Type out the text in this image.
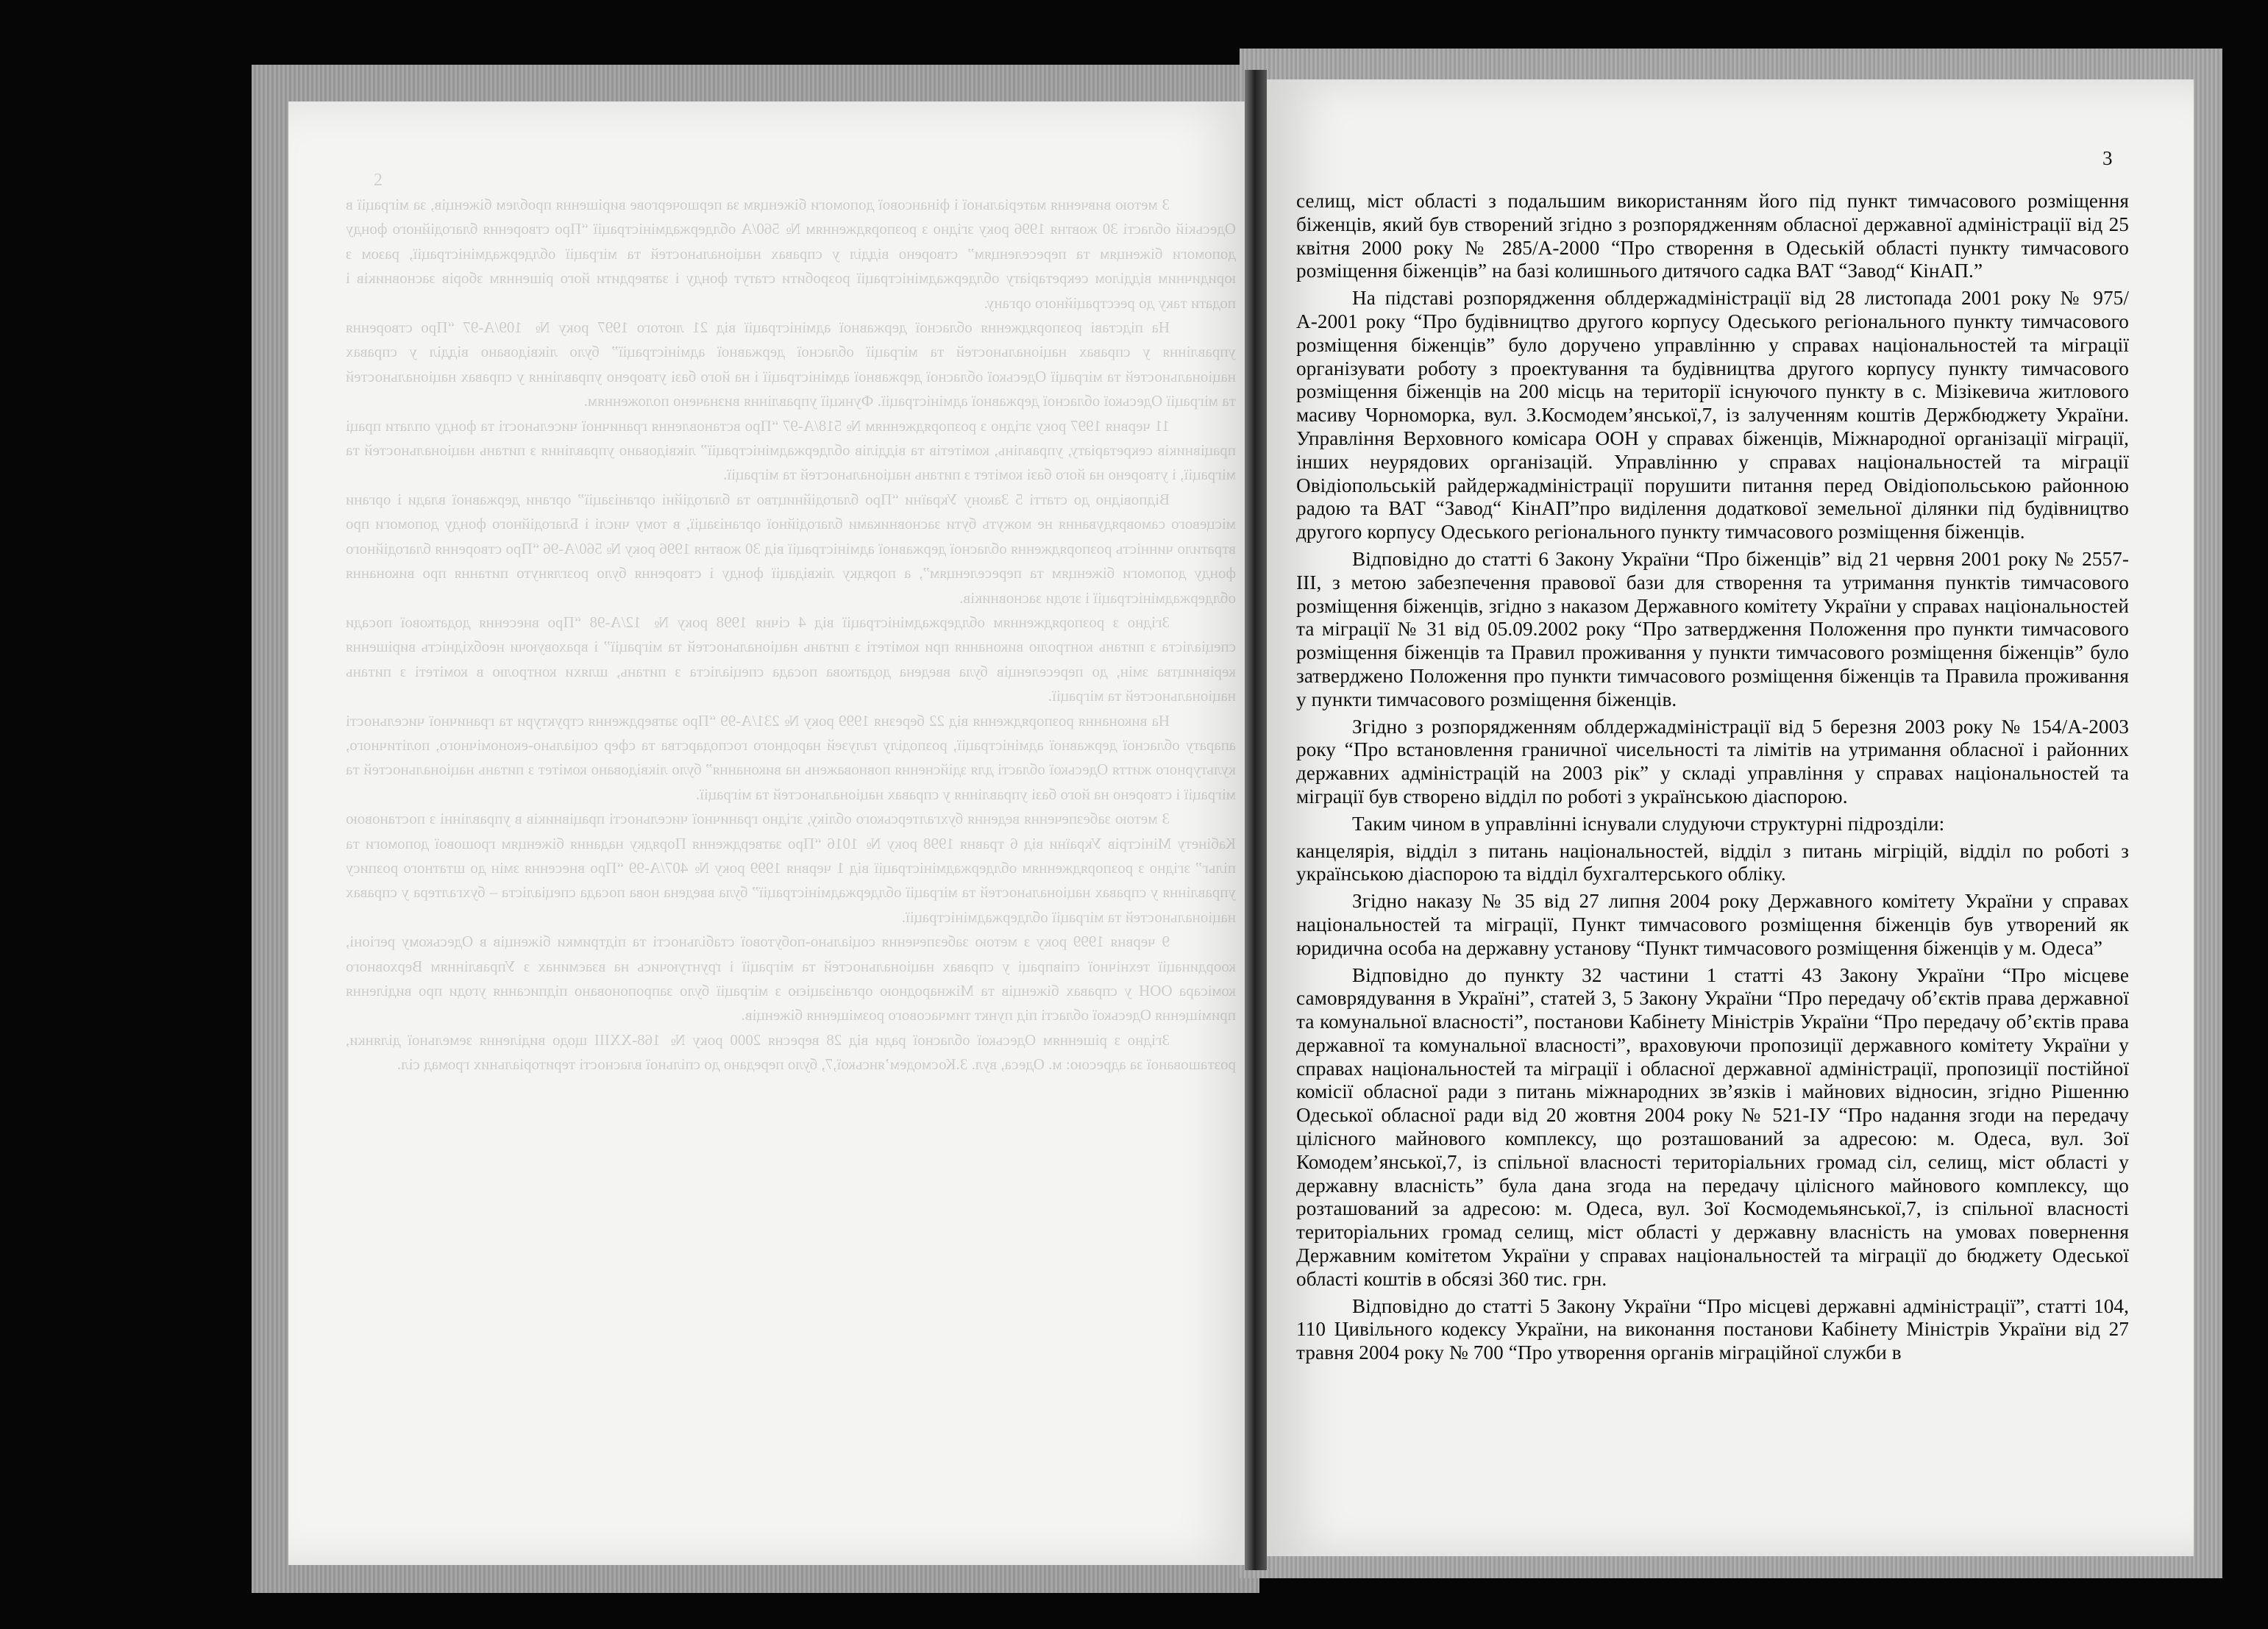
2

З метою вивчення матеріальної і фінансової допомоги біженцям за першочергове вирішення проблем біженців, за міграції в Одеській області 30 жовтня 1996 року згідно з розпорядженням № 560/А облдержадміністрації “Про створення благодійного фонду допомоги біженцям та переселенцям” створено відділ у справах національностей та міграції облдержадміністрації, разом з юридичним відділом секретаріату облдержадміністрації розробити статут фонду і затвердити його рішенням зборів засновників і подати таку до реєстраційного органу.

На підставі розпорядження обласної державної адміністрації від 21 лютого 1997 року № 109/А-97 “Про створення управління у справах національностей та міграції обласної державної адміністрації” було ліквідовано відділ у справах національностей та міграції Одеської обласної державної адміністрації і на його базі утворено управління у справах національностей та міграції Одеської обласної державної адміністрації. Функції управління визначено положенням.

11 червня 1997 року згідно з розпорядженням № 518/А-97 “Про встановлення граничної чисельності та фонду оплати праці працівників секретаріату, управлінь, комітетів та відділів облдержадміністрації” ліквідовано управління з питань національностей та міграції, і утворено на його базі комітет з питань національностей та міграції.

Відповідно до статті 5 Закону України “Про благодійництво та благодійні організації” органи державної влади і органи місцевого самоврядування не можуть бути засновниками благодійної організації, в тому числі і Благодійного фонду допомоги про втратило чинність розпорядження обласної державної адміністрації від 30 жовтня 1996 року № 560/А-96 “Про створення благодійного фонду допомоги біженцям та переселенцям”, а порядку ліквідації фонду і створення було розглянуто питання про виконання облдержадміністрації і згоди засновників.

Згідно з розпорядженням облдержадміністрації від 4 січня 1998 року № 12/А-98 “Про внесення додаткової посади спеціаліста з питань контролю виконання при комітеті з питань національностей та міграції” і враховуючи необхідність вирішення керівництва змін, до переселенців була введена додаткова посада спеціаліста з питань, шляхи контролю в комітеті з питань національностей та міграції.

На виконання розпорядження від 22 березня 1999 року № 231/А-99 “Про затвердження структури та граничної чисельності апарату обласної державної адміністрації, розподілу галузей народного господарства та сфер соціально-економічного, політичного, культурного життя Одеської області для здійснення повноважень на виконання” було ліквідовано комітет з питань національностей та міграції і створено на його базі управління у справах національностей та міграції.

З метою забезпечення ведення бухгалтерського обліку, згідно граничної чисельності працівників в управлінні з постановою Кабінету Міністрів України від 6 травня 1998 року № 1016 “Про затвердження Порядку надання біженцям грошової допомоги та пільг” згідно з розпорядженням облдержадміністрації від 1 червня 1999 року № 407/А-99 “Про внесення змін до штатного розпису управління у справах національностей та міграції облдержадміністрації” була введена нова посада спеціаліста – бухгалтера у справах національностей та міграції облдержадміністрації.

9 червня 1999 року з метою забезпечення соціально-побутової стабільності та підтримки біженців в Одеському регіоні, координації технічної співпраці у справах національностей та міграції і ґрунтуючись на взаєминах з Управлінням Верховного комісара ООН у справах біженців та Міжнародною організацією з міграції було запропоновано підписання угоди про виділення приміщення Одеської області під пункт тимчасового розміщення біженців.

Згідно з рішенням Одеської обласної ради від 28 вересня 2000 року № 168-ХХІІІ щодо виділення земельної ділянки, розташованої за адресою: м. Одеса, вул. З.Космодем’янської,7, було передано до спільної власності територіальних громад сіл.

3

селищ, міст області з подальшим використанням його під пункт тимчасового розміщення біженців, який був створений згідно з розпорядженням обласної державної адміністрації від 25 квітня 2000 року № 285/А-2000 “Про створення в Одеській області пункту тимчасового розміщення біженців” на базі колишнього дитячого садка ВАТ “Завод“ КінАП.”

На підставі розпорядження облдержадміністрації від 28 листопада 2001 року № 975/А-2001 року “Про будівництво другого корпусу Одеського регіонального пункту тимчасового розміщення біженців” було доручено управлінню у справах національностей та міграції організувати роботу з проектування та будівництва другого корпусу пункту тимчасового розміщення біженців на 200 місць на території існуючого пункту в с. Мізікевича житлового масиву Чорноморка, вул. З.Космодем’янської,7, із залученням коштів Держбюджету України. Управління Верховного комісара ООН у справах біженців, Міжнародної організації міграції, інших неурядових організацій. Управлінню у справах національностей та міграції Овідіопольській райдержадміністрації порушити питання перед Овідіопольською районною радою та ВАТ “Завод“ КінАП”про виділення додаткової земельної ділянки під будівництво другого корпусу Одеського регіонального пункту тимчасового розміщення біженців.

Відповідно до статті 6 Закону України “Про біженців” від 21 червня 2001 року № 2557-ІІІ, з метою забезпечення правової бази для створення та утримання пунктів тимчасового розміщення біженців, згідно з наказом Державного комітету України у справах національностей та міграції № 31 від 05.09.2002 року “Про затвердження Положення про пункти тимчасового розміщення біженців та Правил проживання у пункти тимчасового розміщення біженців” було затверджено Положення про пункти тимчасового розміщення біженців та Правила проживання у пункти тимчасового розміщення біженців.

Згідно з розпорядженням облдержадміністрації від 5 березня 2003 року № 154/А-2003 року “Про встановлення граничної чисельності та лімітів на утримання обласної і районних державних адміністрацій на 2003 рік” у складі управління у справах національностей та міграції був створено відділ по роботі з українською діаспорою.

Таким чином в управлінні існували слудуючи структурні підрозділи:

канцелярія, відділ з питань національностей, відділ з питань мігріцій, відділ по роботі з українською діаспорою та відділ бухгалтерського обліку.

Згідно наказу № 35 від 27 липня 2004 року Державного комітету України у справах національностей та міграції, Пункт тимчасового розміщення біженців був утворений як юридична особа на державну установу “Пункт тимчасового розміщення біженців у м. Одеса”

Відповідно до пункту 32 частини 1 статті 43 Закону України “Про місцеве самоврядування в Україні”, статей 3, 5 Закону України “Про передачу об’єктів права державної та комунальної власності”, постанови Кабінету Міністрів України “Про передачу об’єктів права державної та комунальної власності”, враховуючи пропозиції державного комітету України у справах національностей та міграції і обласної державної адміністрації, пропозиції постійної комісії обласної ради з питань міжнародних зв’язків і майнових відносин, згідно Рішенню Одеської обласної ради від 20 жовтня 2004 року № 521-ІУ “Про надання згоди на передачу цілісного майнового комплексу, що розташований за адресою: м. Одеса, вул. Зої Комодем’янської,7, із спільної власності територіальних громад сіл, селищ, міст області у державну власність” була дана згода на передачу цілісного майнового комплексу, що розташований за адресою: м. Одеса, вул. Зої Космодемьянської,7, із спільної власності територіальних громад селищ, міст області у державну власність на умовах повернення Державним комітетом України у справах національностей та міграції до бюджету Одеської області коштів в обсязі 360 тис. грн.

Відповідно до статті 5 Закону України “Про місцеві державні адміністрації”, статті 104, 110 Цивільного кодексу України, на виконання постанови Кабінету Міністрів України від 27 травня 2004 року № 700 “Про утворення органів міграційної служби в
